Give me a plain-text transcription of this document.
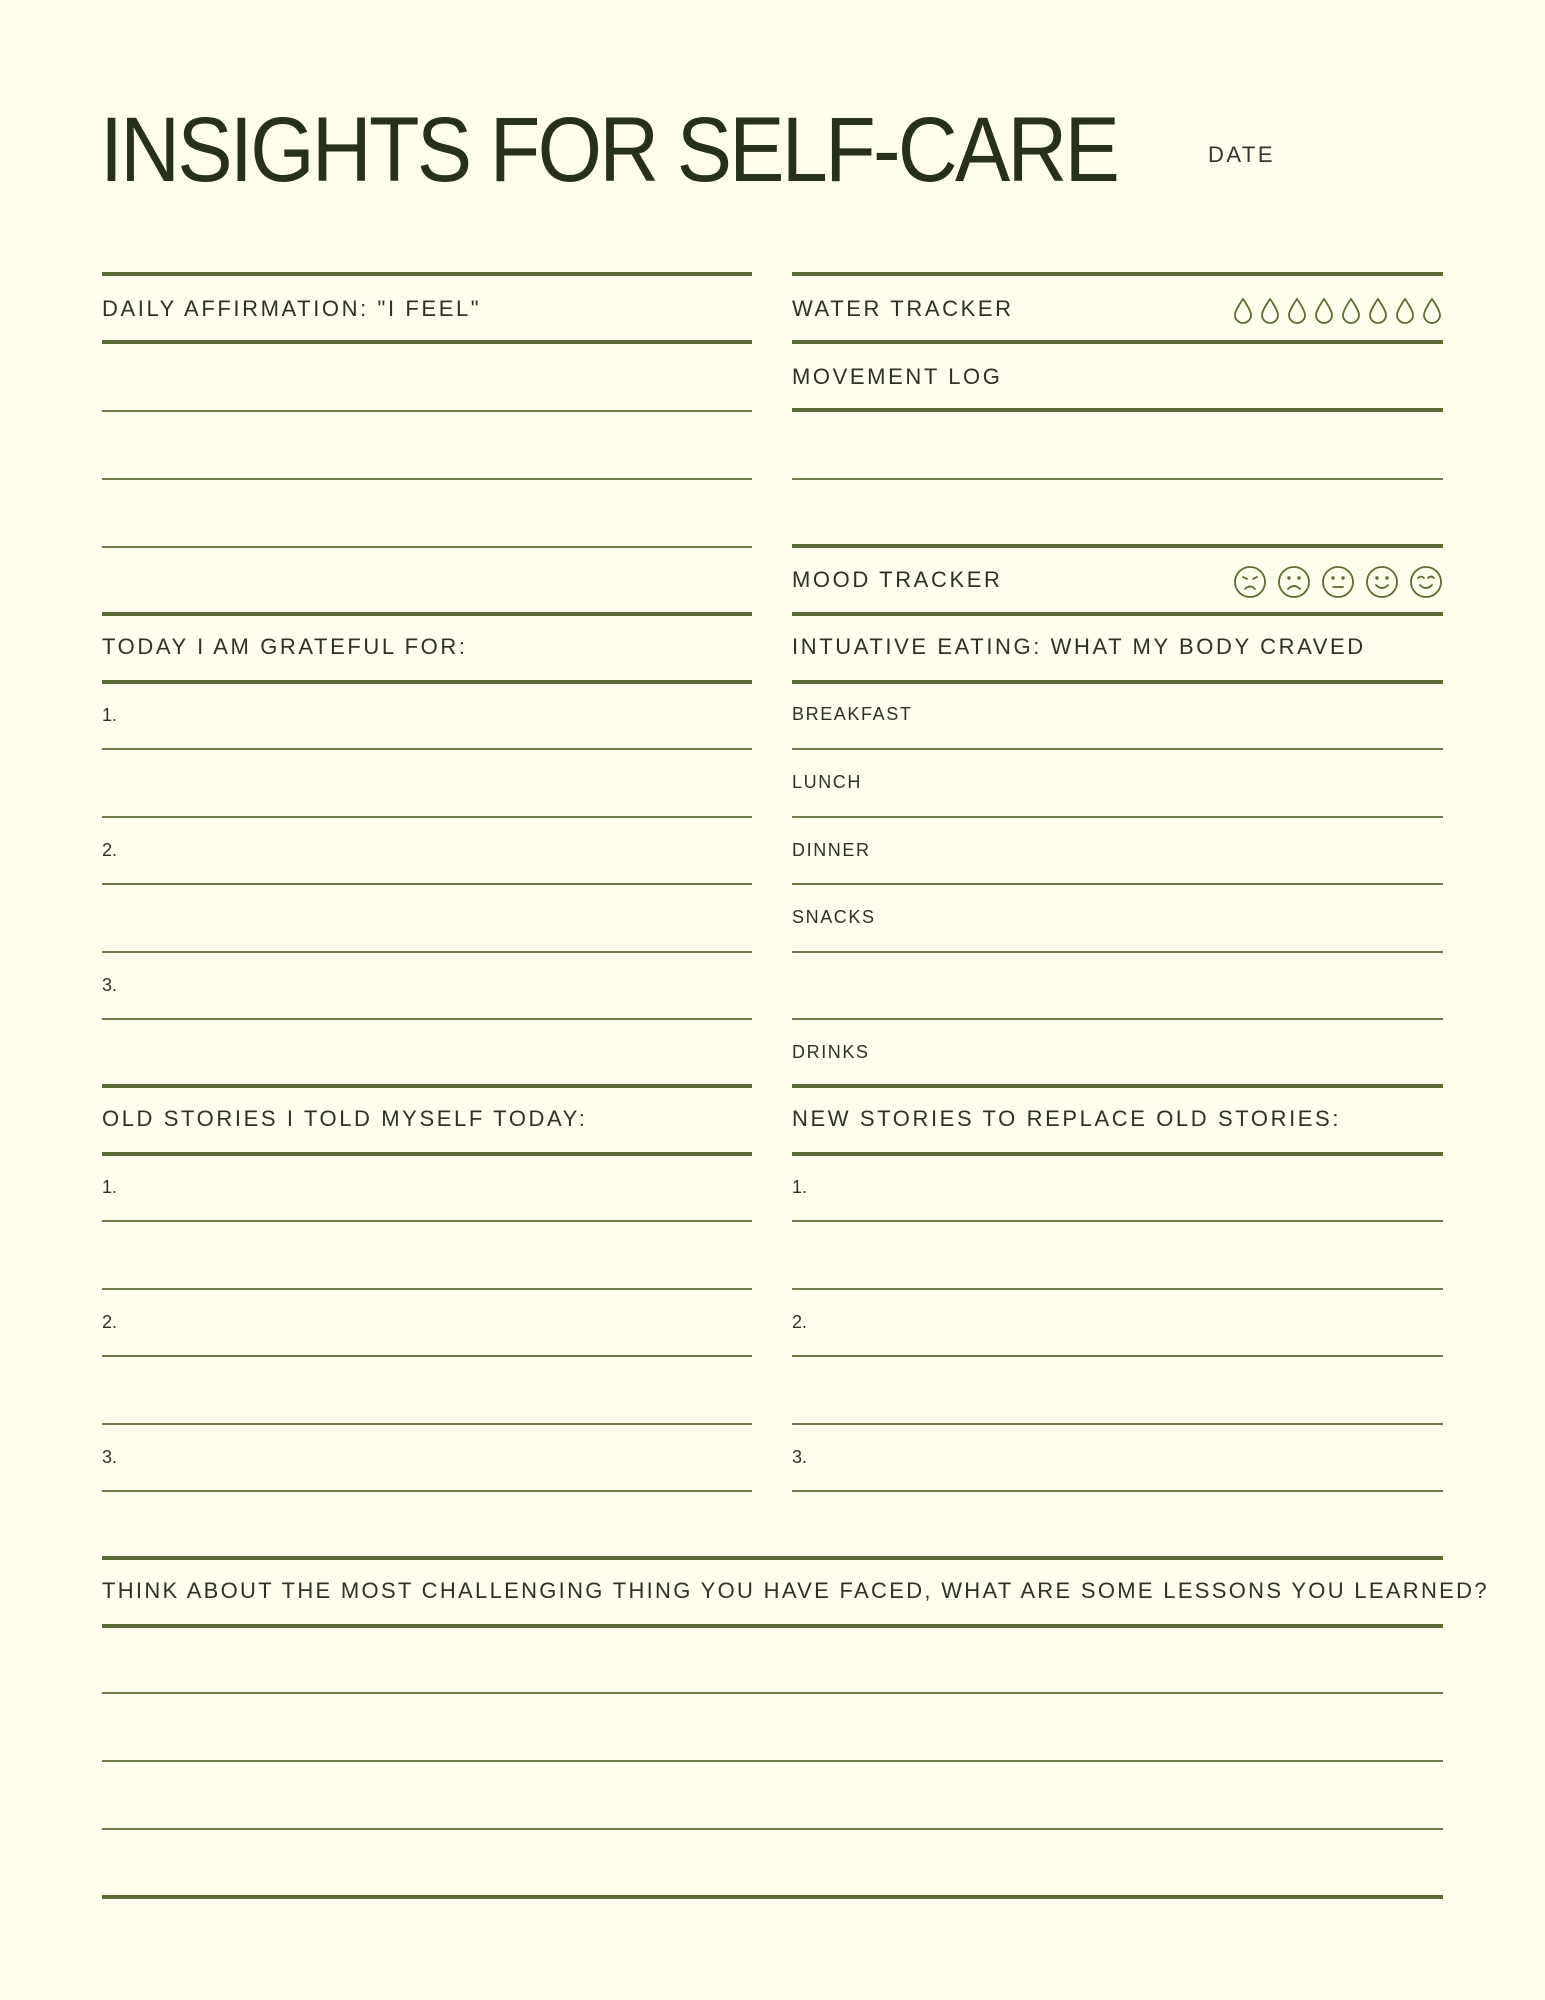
INSIGHTS FOR SELF-CARE	DATE
DAILY AFFIRMATION: "I FEEL"
TODAY I AM GRATEFUL FOR:
1.
2.
3.
OLD STORIES I TOLD MYSELF TODAY:
1.
2.
3.
WATER TRACKER
MOVEMENT LOG
MOOD TRACKER
INTUATIVE EATING: WHAT MY BODY CRAVED
BREAKFAST
LUNCH
DINNER
SNACKS
DRINKS
NEW STORIES TO REPLACE OLD STORIES:
1.
2.
3.
THINK ABOUT THE MOST CHALLENGING THING YOU HAVE FACED, WHAT ARE SOME LESSONS YOU LEARNED?
